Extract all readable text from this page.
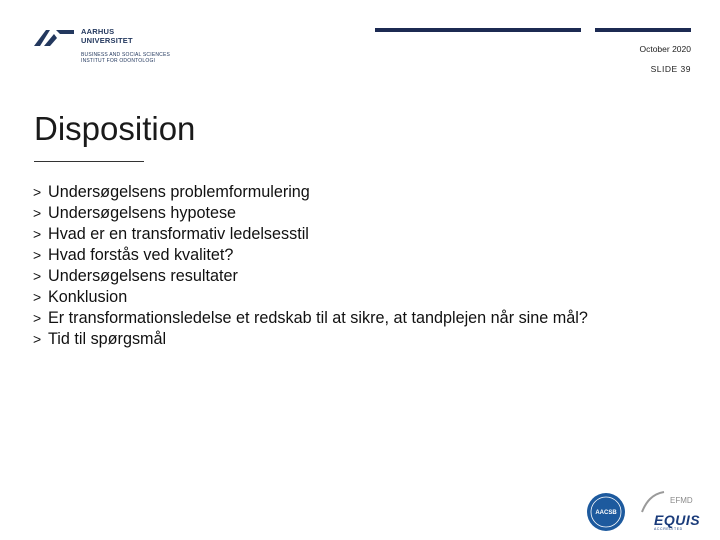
AARHUS
UNIVERSITET
BUSINESS AND SOCIAL SCIENCES
INSTITUT FOR ODONTOLOGI
October 2020
SLIDE 39
Disposition
> Undersøgelsens problemformulering
> Undersøgelsens hypotese
> Hvad er en transformativ ledelsesstil
> Hvad forstås ved kvalitet?
> Undersøgelsens resultater
> Konklusion
> Er transformationsledelse et redskab til at sikre, at tandplejen når sine mål?
> Tid til spørgsmål
AACSB
EFMD
EQUIS
ACCREDITED
